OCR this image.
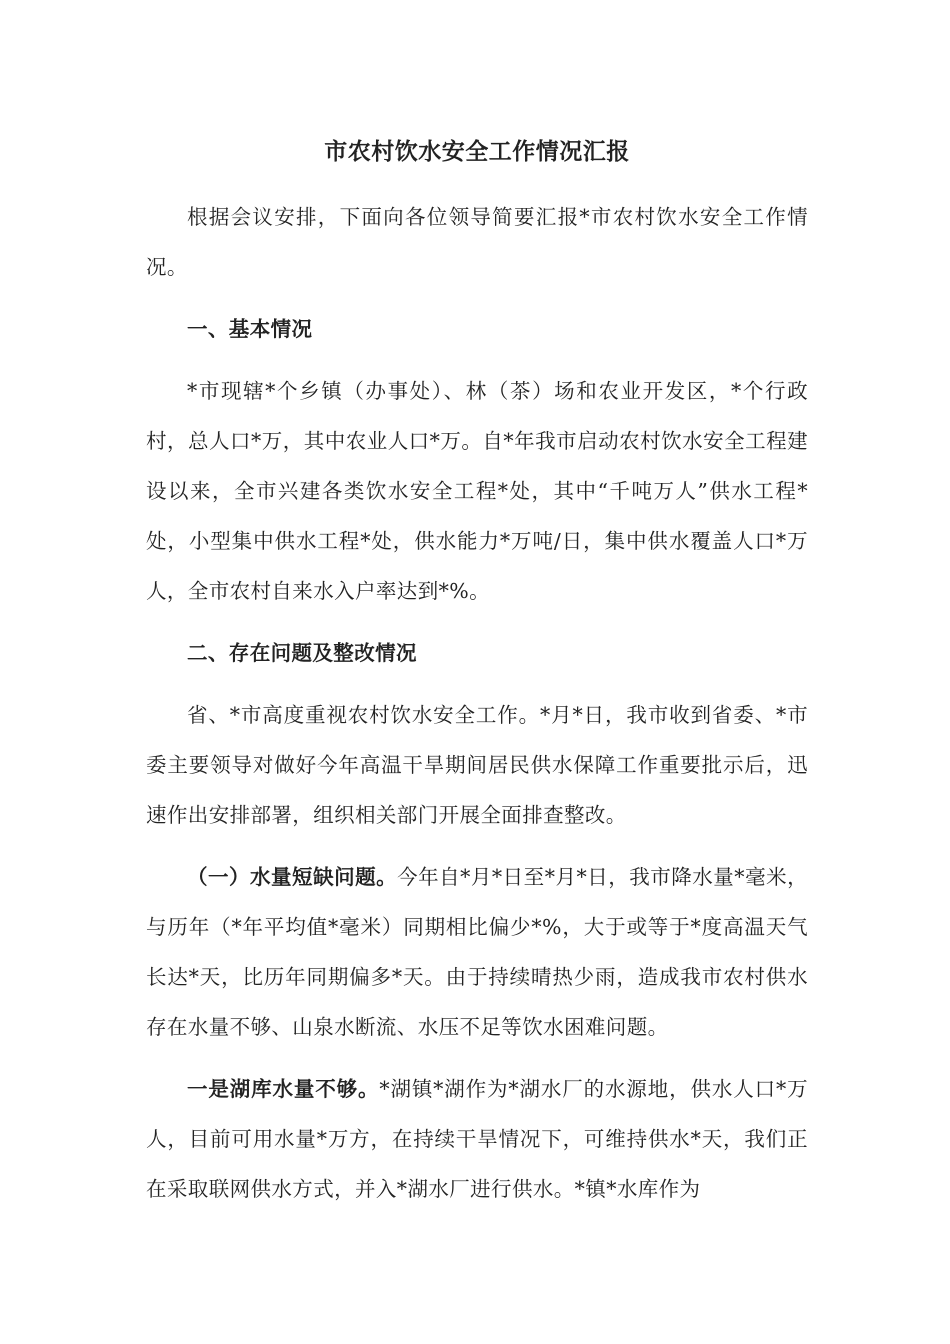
市农村饮水安全工作情况汇报

根据会议安排，下面向各位领导简要汇报*市农村饮水安全工作情况。

一、基本情况

*市现辖*个乡镇（办事处）、林（茶）场和农业开发区，*个行政村，总人口*万，其中农业人口*万。自*年我市启动农村饮水安全工程建设以来，全市兴建各类饮水安全工程*处，其中“千吨万人”供水工程*处，小型集中供水工程*处，供水能力*万吨/日，集中供水覆盖人口*万人，全市农村自来水入户率达到*%。

二、存在问题及整改情况

省、*市高度重视农村饮水安全工作。*月*日，我市收到省委、*市委主要领导对做好今年高温干旱期间居民供水保障工作重要批示后，迅速作出安排部署，组织相关部门开展全面排查整改。

（一）水量短缺问题。今年自*月*日至*月*日，我市降水量*毫米，与历年（*年平均值*毫米）同期相比偏少*%，大于或等于*度高温天气长达*天，比历年同期偏多*天。由于持续晴热少雨，造成我市农村供水存在水量不够、山泉水断流、水压不足等饮水困难问题。

一是湖库水量不够。*湖镇*湖作为*湖水厂的水源地，供水人口*万人，目前可用水量*万方，在持续干旱情况下，可维持供水*天，我们正在采取联网供水方式，并入*湖水厂进行供水。*镇*水库作为
